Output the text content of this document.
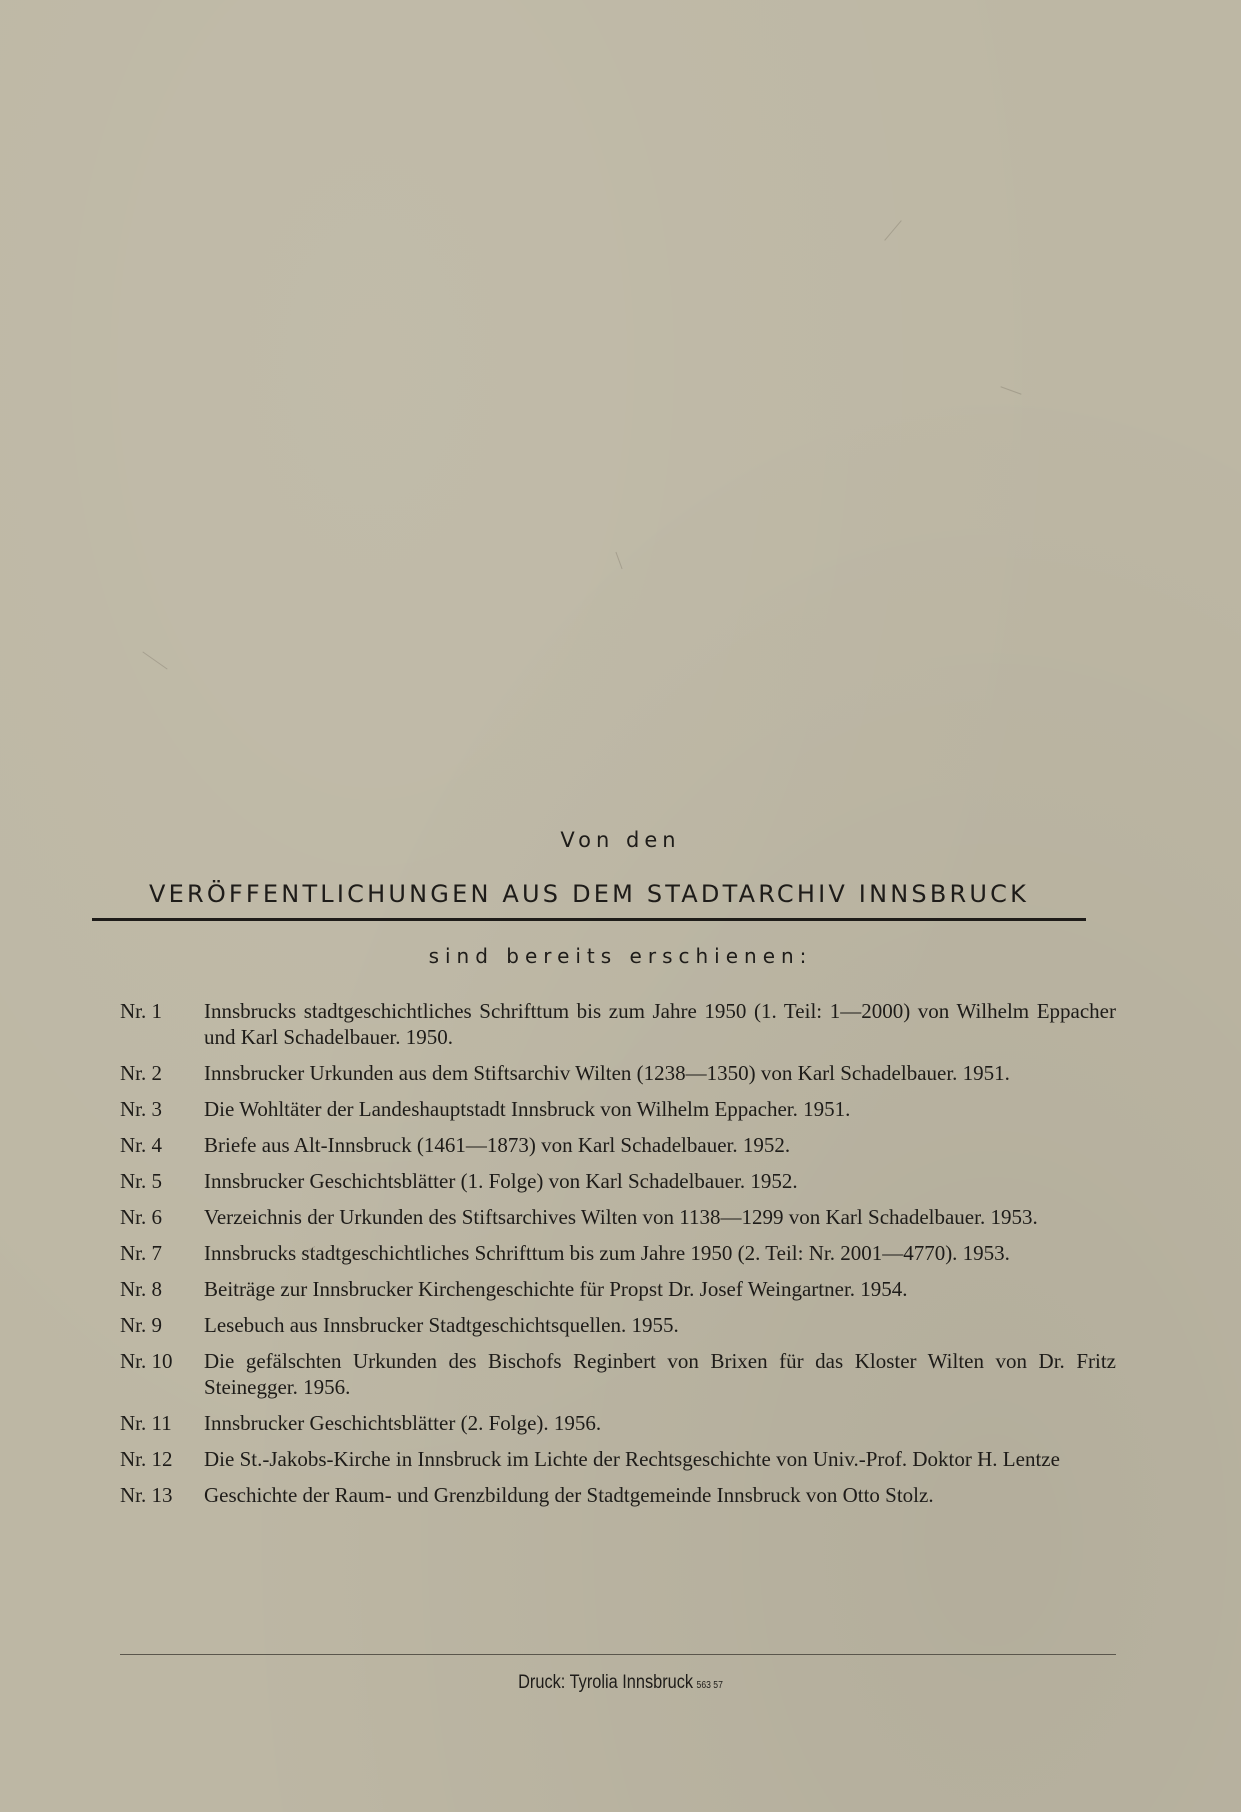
Von den
VERÖFFENTLICHUNGEN AUS DEM STADTARCHIV INNSBRUCK
sind bereits erschienen:
Nr. 1	Innsbrucks stadtgeschichtliches Schrifttum bis zum Jahre 1950 (1. Teil: 1—2000) von Wilhelm Eppacher und Karl Schadelbauer. 1950.
Nr. 2	Innsbrucker Urkunden aus dem Stiftsarchiv Wilten (1238—1350) von Karl Schadelbauer. 1951.
Nr. 3	Die Wohltäter der Landeshauptstadt Innsbruck von Wilhelm Eppacher. 1951.
Nr. 4	Briefe aus Alt-Innsbruck (1461—1873) von Karl Schadelbauer. 1952.
Nr. 5	Innsbrucker Geschichtsblätter (1. Folge) von Karl Schadelbauer. 1952.
Nr. 6	Verzeichnis der Urkunden des Stiftsarchives Wilten von 1138—1299 von Karl Schadelbauer. 1953.
Nr. 7	Innsbrucks stadtgeschichtliches Schrifttum bis zum Jahre 1950 (2. Teil: Nr. 2001—4770). 1953.
Nr. 8	Beiträge zur Innsbrucker Kirchengeschichte für Propst Dr. Josef Weingartner. 1954.
Nr. 9	Lesebuch aus Innsbrucker Stadtgeschichtsquellen. 1955.
Nr. 10	Die gefälschten Urkunden des Bischofs Reginbert von Brixen für das Kloster Wilten von Dr. Fritz Steinegger. 1956.
Nr. 11	Innsbrucker Geschichtsblätter (2. Folge). 1956.
Nr. 12	Die St.-Jakobs-Kirche in Innsbruck im Lichte der Rechtsgeschichte von Univ.-Prof. Doktor H. Lentze
Nr. 13	Geschichte der Raum- und Grenzbildung der Stadtgemeinde Innsbruck von Otto Stolz.
Druck: Tyrolia Innsbruck 563 57
